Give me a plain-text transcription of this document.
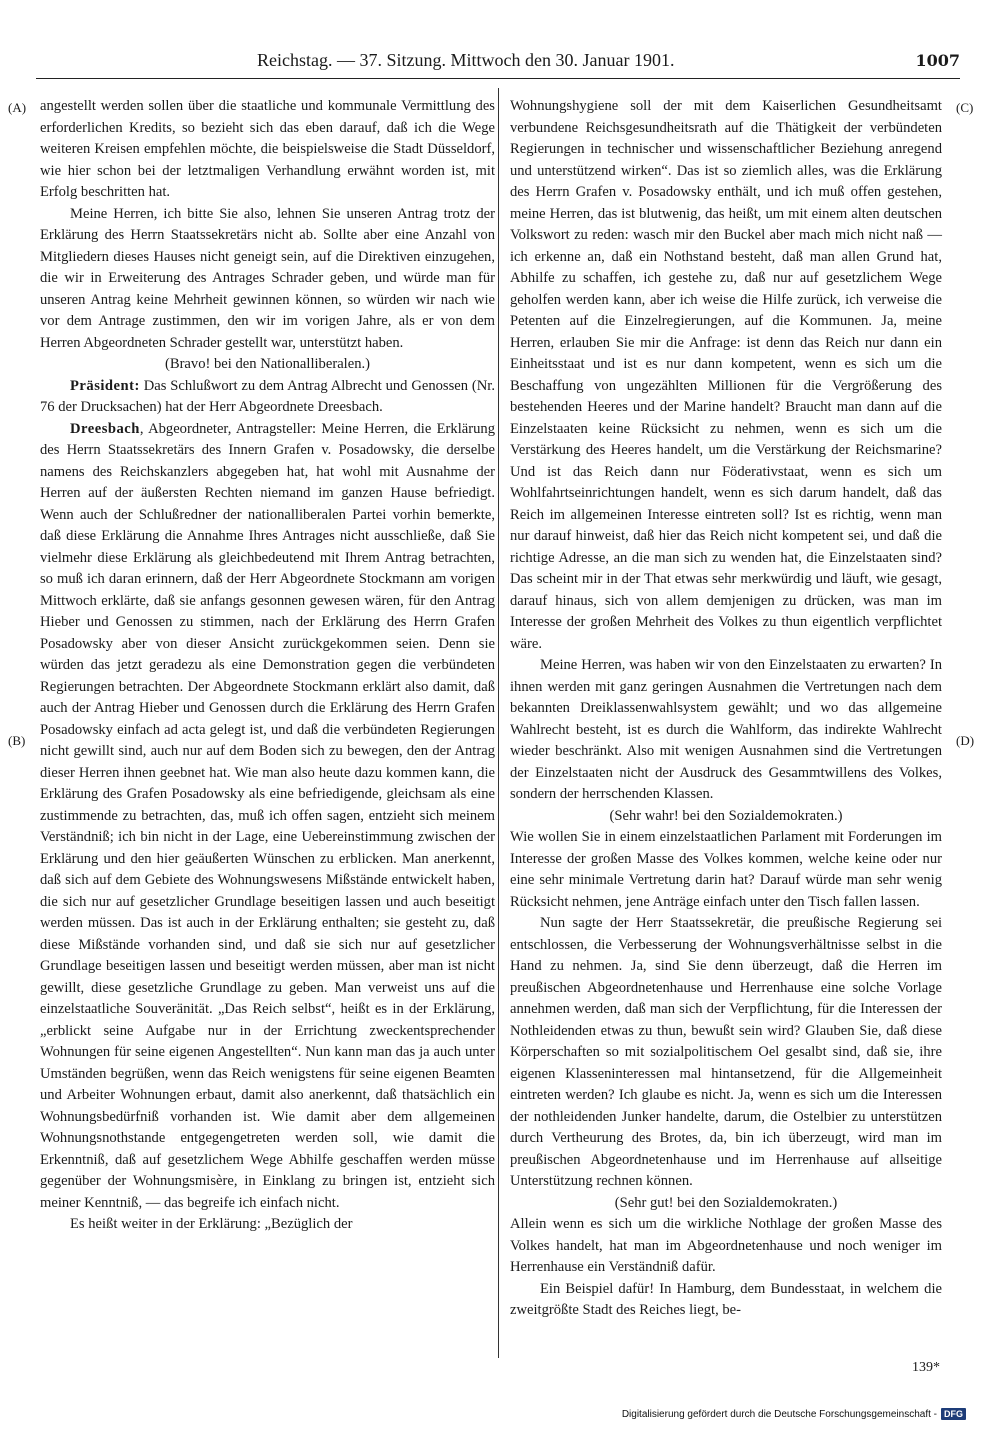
Reichstag. — 37. Sitzung. Mittwoch den 30. Januar 1901.	1007
(A)
(B)
(C)
(D)

angestellt werden sollen über die staatliche und kommunale Vermittlung des erforderlichen Kredits, so bezieht sich das eben darauf, daß ich die Wege weiteren Kreisen empfehlen möchte, die beispielsweise die Stadt Düsseldorf, wie hier schon bei der letztmaligen Verhandlung erwähnt worden ist, mit Erfolg beschritten hat.

Meine Herren, ich bitte Sie also, lehnen Sie unseren Antrag trotz der Erklärung des Herrn Staatssekretärs nicht ab. Sollte aber eine Anzahl von Mitgliedern dieses Hauses nicht geneigt sein, auf die Direktiven einzugehen, die wir in Erweiterung des Antrages Schrader geben, und würde man für unseren Antrag keine Mehrheit gewinnen können, so würden wir nach wie vor dem Antrage zustimmen, den wir im vorigen Jahre, als er von dem Herren Abgeordneten Schrader gestellt war, unterstützt haben.

(Bravo! bei den Nationalliberalen.)

Präsident: Das Schlußwort zu dem Antrag Albrecht und Genossen (Nr. 76 der Drucksachen) hat der Herr Abgeordnete Dreesbach.

Dreesbach, Abgeordneter, Antragsteller: Meine Herren, die Erklärung des Herrn Staatssekretärs des Innern Grafen v. Posadowsky, die derselbe namens des Reichskanzlers abgegeben hat, hat wohl mit Ausnahme der Herren auf der äußersten Rechten niemand im ganzen Hause befriedigt. Wenn auch der Schlußredner der nationalliberalen Partei vorhin bemerkte, daß diese Erklärung die Annahme Ihres Antrages nicht ausschließe, daß Sie vielmehr diese Erklärung als gleichbedeutend mit Ihrem Antrag betrachten, so muß ich daran erinnern, daß der Herr Abgeordnete Stockmann am vorigen Mittwoch erklärte, daß sie anfangs gesonnen gewesen wären, für den Antrag Hieber und Genossen zu stimmen, nach der Erklärung des Herrn Grafen Posadowsky aber von dieser Ansicht zurückgekommen seien. Denn sie würden das jetzt geradezu als eine Demonstration gegen die verbündeten Regierungen betrachten. Der Abgeordnete Stockmann erklärt also damit, daß auch der Antrag Hieber und Genossen durch die Erklärung des Herrn Grafen Posadowsky einfach ad acta gelegt ist, und daß die verbündeten Regierungen nicht gewillt sind, auch nur auf dem Boden sich zu bewegen, den der Antrag dieser Herren ihnen geebnet hat. Wie man also heute dazu kommen kann, die Erklärung des Grafen Posadowsky als eine befriedigende, gleichsam als eine zustimmende zu betrachten, das, muß ich offen sagen, entzieht sich meinem Verständniß; ich bin nicht in der Lage, eine Uebereinstimmung zwischen der Erklärung und den hier geäußerten Wünschen zu erblicken. Man anerkennt, daß sich auf dem Gebiete des Wohnungswesens Mißstände entwickelt haben, die sich nur auf gesetzlicher Grundlage beseitigen lassen und auch beseitigt werden müssen. Das ist auch in der Erklärung enthalten; sie gesteht zu, daß diese Mißstände vorhanden sind, und daß sie sich nur auf gesetzlicher Grundlage beseitigen lassen und beseitigt werden müssen, aber man ist nicht gewillt, diese gesetzliche Grundlage zu geben. Man verweist uns auf die einzelstaatliche Souveränität. „Das Reich selbst“, heißt es in der Erklärung, „erblickt seine Aufgabe nur in der Errichtung zweckentsprechender Wohnungen für seine eigenen Angestellten“. Nun kann man das ja auch unter Umständen begrüßen, wenn das Reich wenigstens für seine eigenen Beamten und Arbeiter Wohnungen erbaut, damit also anerkennt, daß thatsächlich ein Wohnungsbedürfniß vorhanden ist. Wie damit aber dem allgemeinen Wohnungsnothstande entgegengetreten werden soll, wie damit die Erkenntniß, daß auf gesetzlichem Wege Abhilfe geschaffen werden müsse gegenüber der Wohnungsmisère, in Einklang zu bringen ist, entzieht sich meiner Kenntniß, — das begreife ich einfach nicht.

Es heißt weiter in der Erklärung: „Bezüglich der

Wohnungshygiene soll der mit dem Kaiserlichen Gesundheitsamt verbundene Reichsgesundheitsrath auf die Thätigkeit der verbündeten Regierungen in technischer und wissenschaftlicher Beziehung anregend und unterstützend wirken“. Das ist so ziemlich alles, was die Erklärung des Herrn Grafen v. Posadowsky enthält, und ich muß offen gestehen, meine Herren, das ist blutwenig, das heißt, um mit einem alten deutschen Volkswort zu reden: wasch mir den Buckel aber mach mich nicht naß — ich erkenne an, daß ein Nothstand besteht, daß man allen Grund hat, Abhilfe zu schaffen, ich gestehe zu, daß nur auf gesetzlichem Wege geholfen werden kann, aber ich weise die Hilfe zurück, ich verweise die Petenten auf die Einzelregierungen, auf die Kommunen. Ja, meine Herren, erlauben Sie mir die Anfrage: ist denn das Reich nur dann ein Einheitsstaat und ist es nur dann kompetent, wenn es sich um die Beschaffung von ungezählten Millionen für die Vergrößerung des bestehenden Heeres und der Marine handelt? Braucht man dann auf die Einzelstaaten keine Rücksicht zu nehmen, wenn es sich um die Verstärkung des Heeres handelt, um die Verstärkung der Reichsmarine? Und ist das Reich dann nur Föderativstaat, wenn es sich um Wohlfahrtseinrichtungen handelt, wenn es sich darum handelt, daß das Reich im allgemeinen Interesse eintreten soll? Ist es richtig, wenn man nur darauf hinweist, daß hier das Reich nicht kompetent sei, und daß die richtige Adresse, an die man sich zu wenden hat, die Einzelstaaten sind? Das scheint mir in der That etwas sehr merkwürdig und läuft, wie gesagt, darauf hinaus, sich von allem demjenigen zu drücken, was man im Interesse der großen Mehrheit des Volkes zu thun eigentlich verpflichtet wäre.

Meine Herren, was haben wir von den Einzelstaaten zu erwarten? In ihnen werden mit ganz geringen Ausnahmen die Vertretungen nach dem bekannten Dreiklassenwahlsystem gewählt; und wo das allgemeine Wahlrecht besteht, ist es durch die Wahlform, das indirekte Wahlrecht wieder beschränkt. Also mit wenigen Ausnahmen sind die Vertretungen der Einzelstaaten nicht der Ausdruck des Gesammtwillens des Volkes, sondern der herrschenden Klassen.

(Sehr wahr! bei den Sozialdemokraten.)

Wie wollen Sie in einem einzelstaatlichen Parlament mit Forderungen im Interesse der großen Masse des Volkes kommen, welche keine oder nur eine sehr minimale Vertretung darin hat? Darauf würde man sehr wenig Rücksicht nehmen, jene Anträge einfach unter den Tisch fallen lassen.

Nun sagte der Herr Staatssekretär, die preußische Regierung sei entschlossen, die Verbesserung der Wohnungsverhältnisse selbst in die Hand zu nehmen. Ja, sind Sie denn überzeugt, daß die Herren im preußischen Abgeordnetenhause und Herrenhause eine solche Vorlage annehmen werden, daß man sich der Verpflichtung, für die Interessen der Nothleidenden etwas zu thun, bewußt sein wird? Glauben Sie, daß diese Körperschaften so mit sozialpolitischem Oel gesalbt sind, daß sie, ihre eigenen Klasseninteressen mal hintansetzend, für die Allgemeinheit eintreten werden? Ich glaube es nicht. Ja, wenn es sich um die Interessen der nothleidenden Junker handelte, darum, die Ostelbier zu unterstützen durch Vertheurung des Brotes, da, bin ich überzeugt, wird man im preußischen Abgeordnetenhause und im Herrenhause auf allseitige Unterstützung rechnen können.

(Sehr gut! bei den Sozialdemokraten.)

Allein wenn es sich um die wirkliche Nothlage der großen Masse des Volkes handelt, hat man im Abgeordnetenhause und noch weniger im Herrenhause ein Verständniß dafür.

Ein Beispiel dafür! In Hamburg, dem Bundesstaat, in welchem die zweitgrößte Stadt des Reiches liegt, be-

139*
Digitalisierung gefördert durch die Deutsche Forschungsgemeinschaft - DFG
